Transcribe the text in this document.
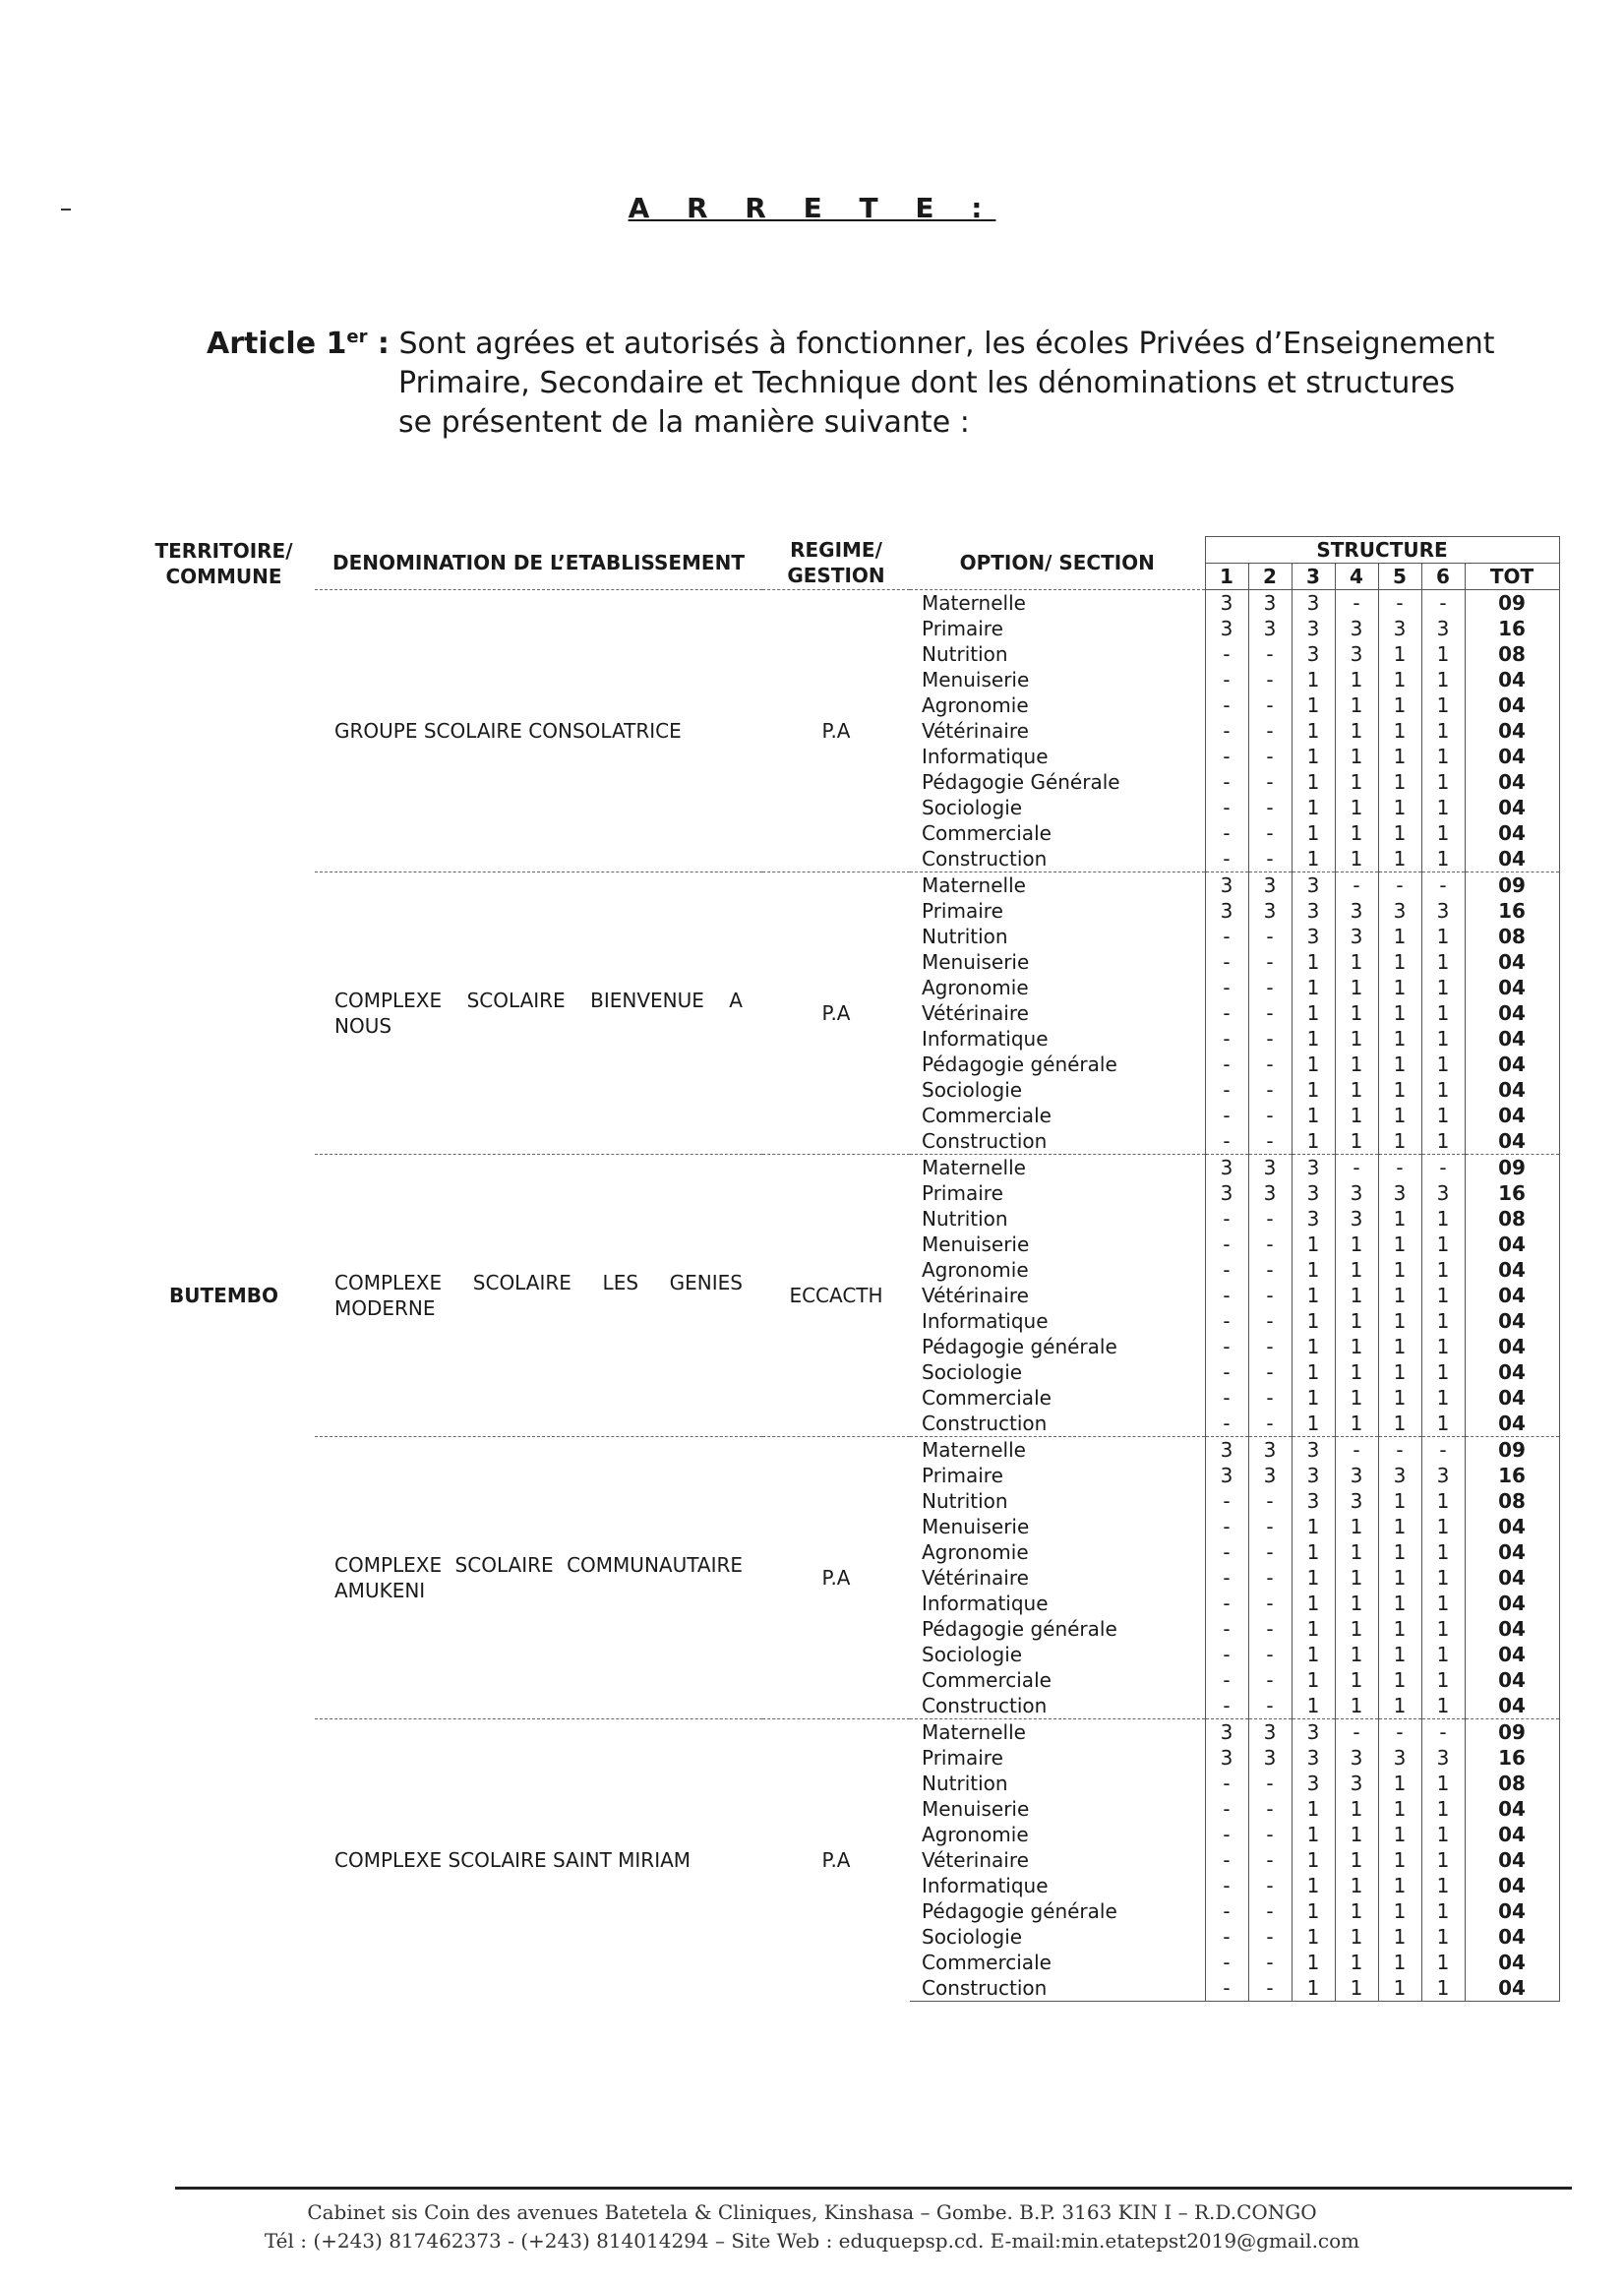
A R R E T E :
Article 1er : Sont agrées et autorisés à fonctionner, les écoles Privées d’Enseignement
Primaire, Secondaire et Technique dont les dénominations et structures se présentent de la manière suivante :
TERRITOIRE/ COMMUNE	DENOMINATION DE L’ETABLISSEMENT	REGIME/ GESTION	OPTION/ SECTION	STRUCTURE						
				1	2	3	4	5	6	TOT
BUTEMBO	GROUPE SCOLAIRE CONSOLATRICE	P.A	Maternelle	3	3	3	-	-	-	09
			Primaire	3	3	3	3	3	3	16
			Nutrition	-	-	3	3	1	1	08
			Menuiserie	-	-	1	1	1	1	04
			Agronomie	-	-	1	1	1	1	04
			Vétérinaire	-	-	1	1	1	1	04
			Informatique	-	-	1	1	1	1	04
			Pédagogie Générale	-	-	1	1	1	1	04
			Sociologie	-	-	1	1	1	1	04
			Commerciale	-	-	1	1	1	1	04
			Construction	-	-	1	1	1	1	04
	COMPLEXE SCOLAIRE BIENVENUE A NOUS	P.A	Maternelle	3	3	3	-	-	-	09
			Primaire	3	3	3	3	3	3	16
			Nutrition	-	-	3	3	1	1	08
			Menuiserie	-	-	1	1	1	1	04
			Agronomie	-	-	1	1	1	1	04
			Vétérinaire	-	-	1	1	1	1	04
			Informatique	-	-	1	1	1	1	04
			Pédagogie générale	-	-	1	1	1	1	04
			Sociologie	-	-	1	1	1	1	04
			Commerciale	-	-	1	1	1	1	04
			Construction	-	-	1	1	1	1	04
	COMPLEXE SCOLAIRE LES GENIES MODERNE	ECCACTH	Maternelle	3	3	3	-	-	-	09
			Primaire	3	3	3	3	3	3	16
			Nutrition	-	-	3	3	1	1	08
			Menuiserie	-	-	1	1	1	1	04
			Agronomie	-	-	1	1	1	1	04
			Vétérinaire	-	-	1	1	1	1	04
			Informatique	-	-	1	1	1	1	04
			Pédagogie générale	-	-	1	1	1	1	04
			Sociologie	-	-	1	1	1	1	04
			Commerciale	-	-	1	1	1	1	04
			Construction	-	-	1	1	1	1	04
	COMPLEXE SCOLAIRE COMMUNAUTAIRE AMUKENI	P.A	Maternelle	3	3	3	-	-	-	09
			Primaire	3	3	3	3	3	3	16
			Nutrition	-	-	3	3	1	1	08
			Menuiserie	-	-	1	1	1	1	04
			Agronomie	-	-	1	1	1	1	04
			Vétérinaire	-	-	1	1	1	1	04
			Informatique	-	-	1	1	1	1	04
			Pédagogie générale	-	-	1	1	1	1	04
			Sociologie	-	-	1	1	1	1	04
			Commerciale	-	-	1	1	1	1	04
			Construction	-	-	1	1	1	1	04
	COMPLEXE SCOLAIRE SAINT MIRIAM	P.A	Maternelle	3	3	3	-	-	-	09
			Primaire	3	3	3	3	3	3	16
			Nutrition	-	-	3	3	1	1	08
			Menuiserie	-	-	1	1	1	1	04
			Agronomie	-	-	1	1	1	1	04
			Véterinaire	-	-	1	1	1	1	04
			Informatique	-	-	1	1	1	1	04
			Pédagogie générale	-	-	1	1	1	1	04
			Sociologie	-	-	1	1	1	1	04
			Commerciale	-	-	1	1	1	1	04
			Construction	-	-	1	1	1	1	04
Cabinet sis Coin des avenues Batetela & Cliniques, Kinshasa – Gombe. B.P. 3163 KIN I – R.D.CONGO
Tél : (+243) 817462373 - (+243) 814014294 – Site Web : eduquepsp.cd. E-mail:min.etatepst2019@gmail.com
